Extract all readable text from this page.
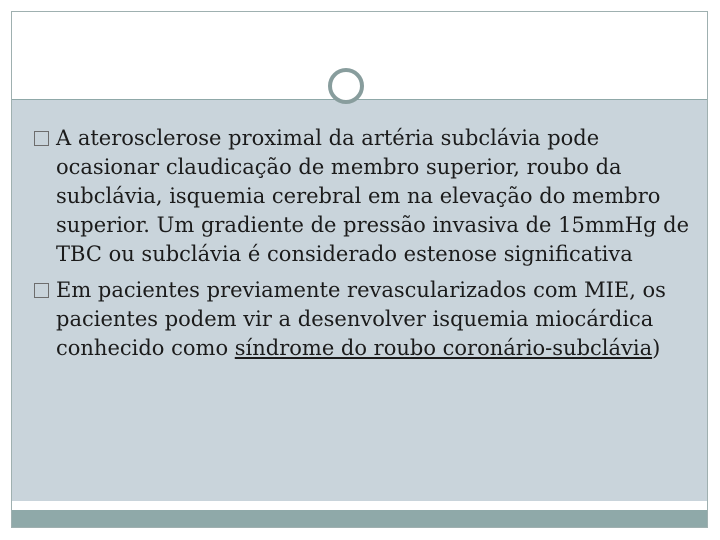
A aterosclerose proximal da artéria subclávia pode ocasionar claudicação de membro superior, roubo da subclávia, isquemia cerebral em na elevação do membro superior. Um gradiente de pressão invasiva de 15mmHg de TBC ou subclávia é considerado estenose significativa

Em pacientes previamente revascularizados com MIE, os pacientes podem vir a desenvolver isquemia miocárdica conhecido como síndrome do roubo coronário-subclávia)
